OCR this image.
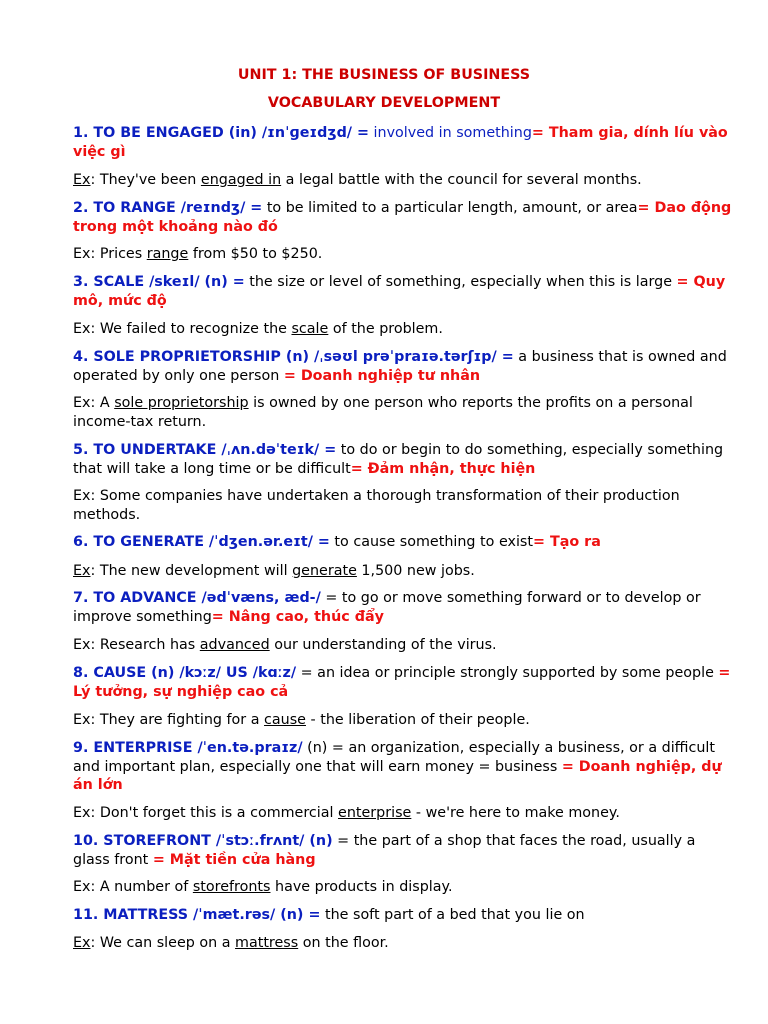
UNIT 1: THE BUSINESS OF BUSINESS
VOCABULARY DEVELOPMENT
1. TO BE ENGAGED (in) /ɪnˈɡeɪdʒd/ = involved in something= Tham gia, dính líu vào việc gì
Ex: They've been engaged in a legal battle with the council for several months.
2. TO RANGE /reɪndʒ/ = to be limited to a particular length, amount, or area= Dao động trong một khoảng nào đó
Ex: Prices range from $50 to $250.
3. SCALE /skeɪl/ (n) = the size or level of something, especially when this is large = Quy mô, mức độ
Ex: We failed to recognize the scale of the problem.
4. SOLE PROPRIETORSHIP (n) /ˌsəʊl prəˈpraɪə.tərʃɪp/ = a business that is owned and operated by only one person = Doanh nghiệp tư nhân
Ex: A sole proprietorship is owned by one person who reports the profits on a personal income-tax return.
5. TO UNDERTAKE /ˌʌn.dəˈteɪk/ = to do or begin to do something, especially something that will take a long time or be difficult= Đảm nhận, thực hiện
Ex: Some companies have undertaken a thorough transformation of their production methods.
6. TO GENERATE /ˈdʒen.ər.eɪt/ = to cause something to exist= Tạo ra
Ex: The new development will generate 1,500 new jobs.
7. TO ADVANCE /ədˈvæns, æd-/ = to go or move something forward or to develop or improve something= Nâng cao, thúc đẩy
Ex: Research has advanced our understanding of the virus.
8. CAUSE (n) /kɔːz/ US /kɑːz/ = an idea or principle strongly supported by some people = Lý tưởng, sự nghiệp cao cả
Ex: They are fighting for a cause - the liberation of their people.
9. ENTERPRISE /ˈen.tə.praɪz/ (n) = an organization, especially a business, or a difficult and important plan, especially one that will earn money = business = Doanh nghiệp, dự án lớn
Ex: Don't forget this is a commercial enterprise - we're here to make money.
10. STOREFRONT /ˈstɔː.frʌnt/ (n) = the part of a shop that faces the road, usually a glass front = Mặt tiền cửa hàng
Ex: A number of storefronts have products in display.
11. MATTRESS /ˈmæt.rəs/ (n) = the soft part of a bed that you lie on
Ex: We can sleep on a mattress on the floor.
